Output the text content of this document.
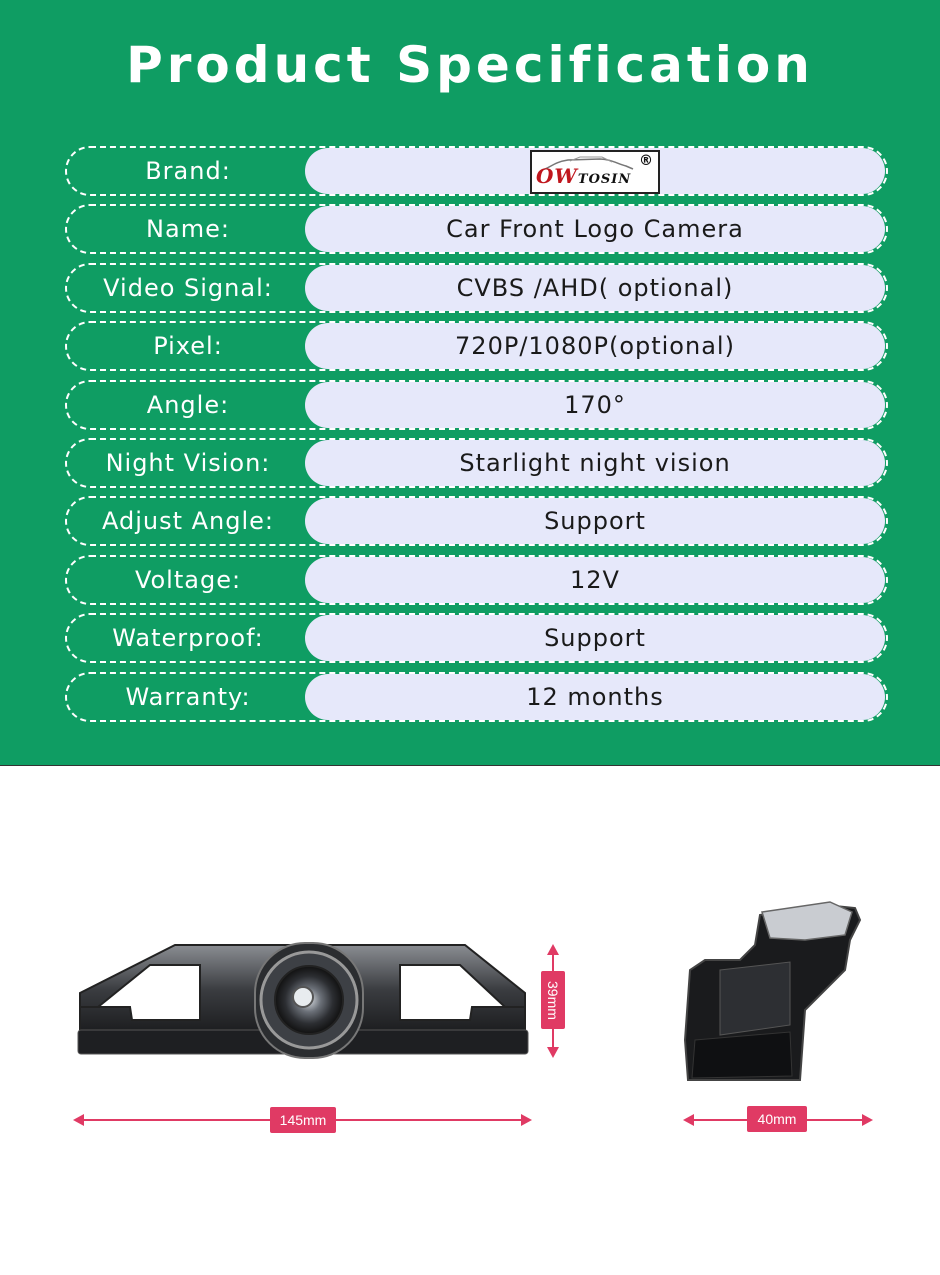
Product Specification
Brand:	OWTOSIN
®
Name:	Car Front Logo Camera
Video Signal:	CVBS /AHD( optional)
Pixel:	720P/1080P(optional)
Angle:	170°
Night Vision:	Starlight night vision
Adjust Angle:	Support
Voltage:	12V
Waterproof:	Support
Warranty:	12 months
39mm
145mm	40mm
